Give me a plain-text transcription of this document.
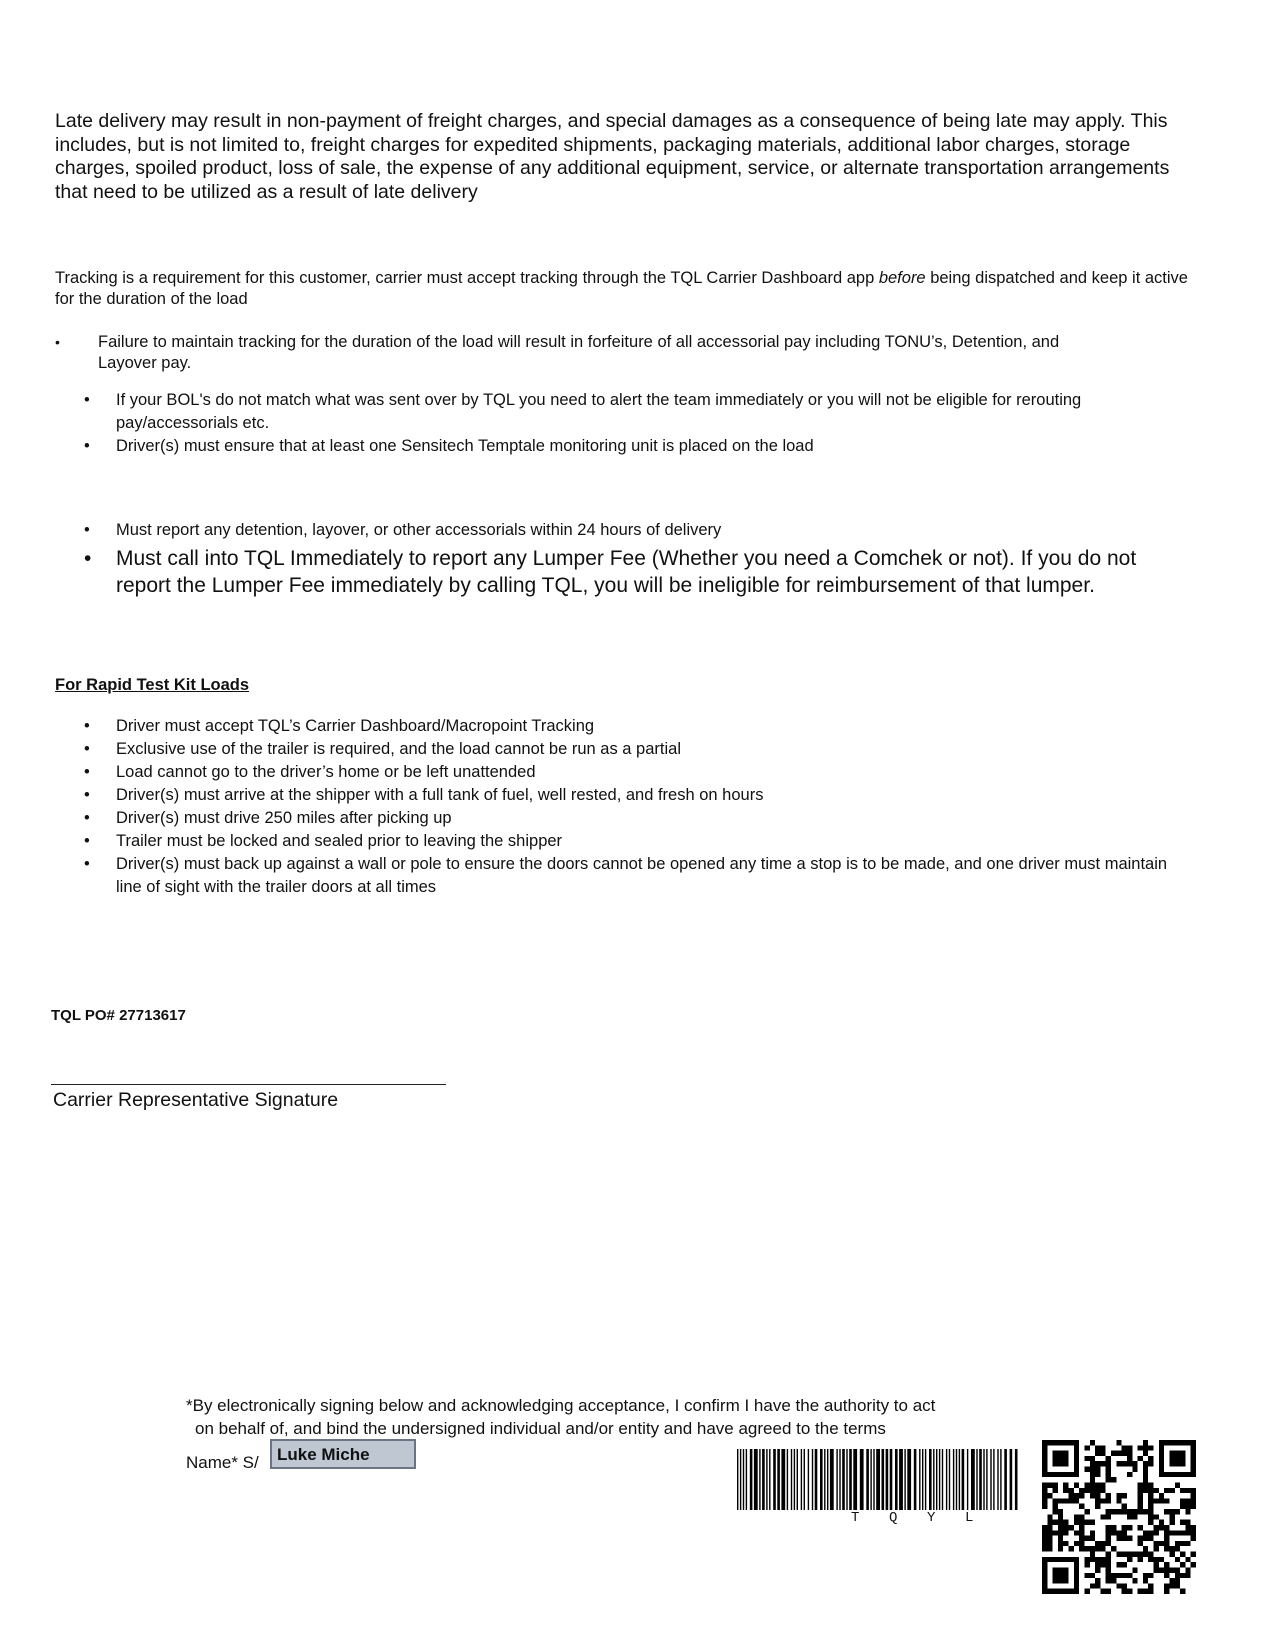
Late delivery may result in non-payment of freight charges, and special damages as a consequence of being late may apply. This includes, but is not limited to, freight charges for expedited shipments, packaging materials, additional labor charges, storage charges, spoiled product, loss of sale, the expense of any additional equipment, service, or alternate transportation arrangements that need to be utilized as a result of late delivery
Tracking is a requirement for this customer, carrier must accept tracking through the TQL Carrier Dashboard app before being dispatched and keep it active for the duration of the load
•	Failure to maintain tracking for the duration of the load will result in forfeiture of all accessorial pay including TONU’s, Detention, and
Layover pay.
•	If your BOL's do not match what was sent over by TQL you need to alert the team immediately or you will not be eligible for rerouting pay/accessorials etc.
•	Driver(s) must ensure that at least one Sensitech Temptale monitoring unit is placed on the load
•	Must report any detention, layover, or other accessorials within 24 hours of delivery
•	Must call into TQL Immediately to report any Lumper Fee (Whether you need a Comchek or not). If you do not report the Lumper Fee immediately by calling TQL, you will be ineligible for reimbursement of that lumper.
For Rapid Test Kit Loads
•	Driver must accept TQL’s Carrier Dashboard/Macropoint Tracking
•	Exclusive use of the trailer is required, and the load cannot be run as a partial
•	Load cannot go to the driver’s home or be left unattended
•	Driver(s) must arrive at the shipper with a full tank of fuel, well rested, and fresh on hours
•	Driver(s) must drive 250 miles after picking up
•	Trailer must be locked and sealed prior to leaving the shipper
•	Driver(s) must back up against a wall or pole to ensure the doors cannot be opened any time a stop is to be made, and one driver must maintain line of sight with the trailer doors at all times
TQL PO# 27713617
Carrier Representative Signature
*By electronically signing below and acknowledging acceptance, I confirm I have the authority to act
on behalf of, and bind the undersigned individual and/or entity and have agreed to the terms
Name* S/	Luke Miche
T Q Y L
